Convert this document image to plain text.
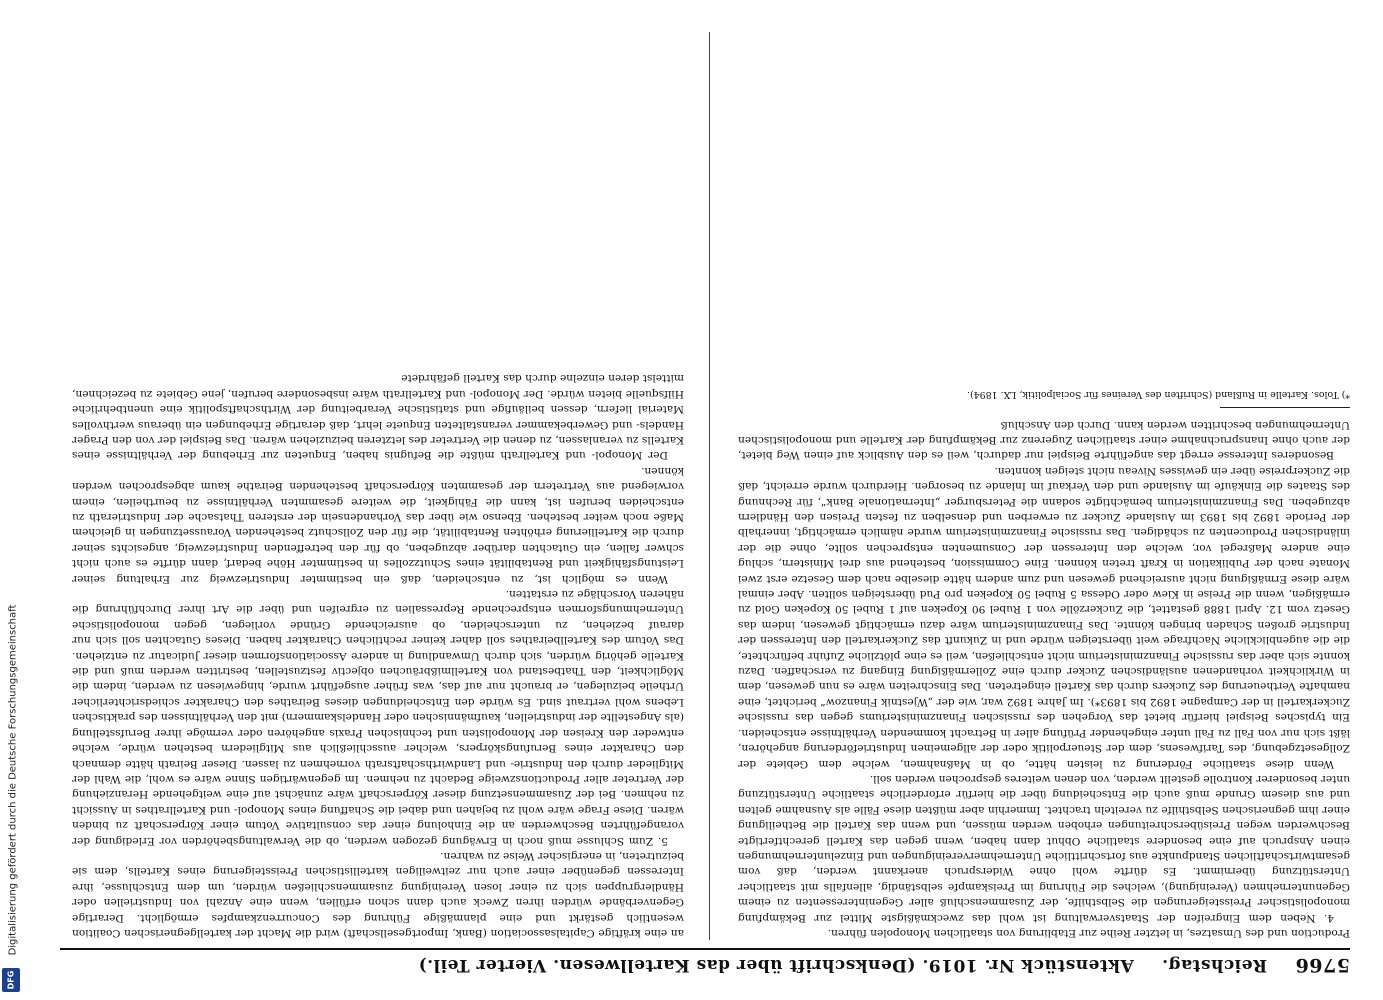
Digitalisierung gefördert durch die Deutsche Forschungsgemeinschaft
DFG
5766
Reichstag.
Aktenstück Nr. 1019. (Denkschrift über das Kartellwesen. Vierter Teil.)

Production und des Umsatzes, in letzter Reihe zur Etablirung von staatlichen Monopolen führen.

4. Neben dem Eingreifen der Staatsverwaltung ist wohl das zweckmäßigste Mittel zur Bekämpfung monopolistischer Preissteigerungen die Selbsthilfe, der Zusammenschluß aller Gegeninteressenten zu einem Gegenunternehmen (Vereinigung), welches die Führung im Preiskampfe selbständig, allenfalls mit staatlicher Unterstützung übernimmt. Es dürfte wohl ohne Widerspruch anerkannt werden, daß vom gesamtwirtschaftlichen Standpunkte aus fortschrittliche Unternehmervereinigungen und Einzelunternehmungen einen Anspruch auf eine besondere staatliche Obhut dann haben, wenn gegen das Kartell gerechtfertigte Beschwerden wegen Preisüberschreitungen erhoben werden müssen, und wenn das Kartell die Betheiligung einer ihm gegnerischen Selbsthilfe zu vereiteln trachtet. Immerhin aber müßten diese Fälle als Ausnahme gelten und aus diesem Grunde muß auch die Entscheidung über die hierfür erforderliche staatliche Unterstützung unter besonderer Kontrolle gestellt werden, von denen weiteres gesprochen werden soll.

Wenn diese staatliche Förderung zu leisten hätte, ob in Maßnahmen, welche dem Gebiete der Zollgesetzgebung, des Tarifwesens, dem der Steuerpolitik oder der allgemeinen Industrieförderung angehören, läßt sich nur von Fall zu Fall unter eingehender Prüfung aller in Betracht kommenden Verhältnisse entscheiden. Ein typisches Beispiel hierfür bietet das Vorgehen des russischen Finanzministeriums gegen das russische Zuckerkartell in der Campagne 1892 bis 1893*). Im Jahre 1892 war, wie der „Wjestnik Finanzow“ berichtet, eine namhafte Vertheuerung des Zuckers durch das Kartell eingetreten. Das Einschreiten wäre es nun gewesen, dem in Wirklichkeit vorhandenen ausländischen Zucker durch eine Zollermäßigung Eingang zu verschaffen. Dazu konnte sich aber das russische Finanzministerium nicht entschließen, weil es eine plötzliche Zufuhr befürchtete, die die augenblickliche Nachfrage weit übersteigen würde und in Zukunft das Zuckerkartell den Interessen der Industrie großen Schaden bringen könnte. Das Finanzministerium wäre dazu ermächtigt gewesen, indem das Gesetz vom 12. April 1888 gestattet, die Zuckerzölle von 1 Rubel 90 Kopeken auf 1 Rubel 50 Kopeken Gold zu ermäßigen, wenn die Preise in Kiew oder Odessa 5 Rubel 50 Kopeken pro Pud übersteigen sollten. Aber einmal wäre diese Ermäßigung nicht ausreichend gewesen und zum andern hätte dieselbe nach dem Gesetze erst zwei Monate nach der Publikation in Kraft treten können. Eine Commission, bestehend aus drei Ministern, schlug eine andere Maßregel vor, welche den Interessen der Consumenten entsprechen sollte, ohne die der inländischen Producenten zu schädigen. Das russische Finanzministerium wurde nämlich ermächtigt, innerhalb der Periode 1892 bis 1893 im Auslande Zucker zu erwerben und denselben zu festen Preisen den Händlern abzugeben. Das Finanzministerium bemächtigte sodann die Petersburger „Internationale Bank“, für Rechnung des Staates die Einkäufe im Auslande und den Verkauf im Inlande zu besorgen. Hierdurch wurde erreicht, daß die Zuckerpreise über ein gewisses Niveau nicht steigen konnten.

Besonderes Interesse erregt das angeführte Beispiel nur dadurch, weil es den Ausblick auf einen Weg bietet, der auch ohne Inanspruchnahme einer staatlichen Zugerenz zur Bekämpfung der Kartelle und monopolistischen Unternehmungen beschritten werden kann. Durch den Anschluß

*) Tolos. Kartelle in Rußland (Schriften des Vereines für Socialpolitik, LX. 1894).

an eine kräftige Capitalsassociation (Bank, Importgesellschaft) wird die Macht der kartellgegnerischen Coalition wesentlich gestärkt und eine planmäßige Führung des Concurrenzkampfes ermöglicht. Derartige Gegenverbände würden ihren Zweck auch dann schon erfüllen, wenn eine Anzahl von Industriellen oder Händlergruppen sich zu einer losen Vereinigung zusammenschließen würden, um dem Entschlusse, ihre Interessen gegenüber einer auch nur zeitweiligen kartellistischen Preissteigerung eines Kartells, dem sie beizutreten, in energischer Weise zu wahren.

5. Zum Schlusse muß noch in Erwägung gezogen werden, ob die Verwaltungsbehörden vor Erledigung der vorangeführten Beschwerden an die Einholung einer das consultative Votum einer Körperschaft zu binden wären. Diese Frage wäre wohl zu bejahen und dabei die Schaffung eines Monopol- und Kartellrathes in Aussicht zu nehmen. Bei der Zusammensetzung dieser Körperschaft wäre zunächst auf eine weitgehende Heranziehung der Vertreter aller Productionszweige Bedacht zu nehmen. Im gegenwärtigen Sinne wäre es wohl, die Wahl der Mitglieder durch den Industrie- und Landwirthschaftsrath vornehmen zu lassen. Dieser Beirath hätte demnach den Charakter eines Berufungskörpers, welcher ausschließlich aus Mitgliedern bestehen würde, welche entweder den Kreisen der Monopolisten und technischen Praxis angehören oder vermöge ihrer Berufsstellung (als Angestellte der industriellen, kaufmännischen oder Handelskammern) mit den Verhältnissen des praktischen Lebens wohl vertraut sind. Es würde den Entscheidungen dieses Beirathes den Charakter schiedsrichterlicher Urtheile beizulegen, er braucht nur auf das, was früher ausgeführt wurde, hingewiesen zu werden, indem die Möglichkeit, den Thatbestand von Kartellmißbräuchen objectiv festzustellen, bestritten werden muß und die Kartelle gehörig würden, sich durch Umwandlung in andere Associationsformen dieser Judicatur zu entziehen. Das Votum des Kartellbeirathes soll daher keiner rechtlichen Charakter haben. Dieses Gutachten soll sich nur darauf beziehen, zu unterscheiden, ob ausreichende Gründe vorliegen, gegen monopolistische Unternehmungsformen entsprechende Repressalien zu ergreifen und über die Art ihrer Durchführung die näheren Vorschläge zu erstatten.

Wenn es möglich ist, zu entscheiden, daß ein bestimmter Industriezweig zur Erhaltung seiner Leistungsfähigkeit und Rentabilität eines Schutzzolles in bestimmter Höhe bedarf, dann dürfte es auch nicht schwer fallen, ein Gutachten darüber abzugeben, ob für den betreffenden Industriezweig, angesichts seiner durch die Kartellierung erhöhten Rentabilität, die für den Zollschutz bestehenden Voraussetzungen in gleichem Maße noch weiter bestehen. Ebenso wie über das Vorhandensein der ersteren Thatsache der Industrierath zu entscheiden berufen ist, kann die Fähigkeit, die weitere gesammten Verhältnisse zu beurtheilen, einem vorwiegend aus Vertretern der gesammten Körperschaft bestehenden Beirathe kaum abgesprochen werden können.

Der Monopol- und Kartellrath müßte die Befugnis haben, Enqueten zur Erhebung der Verhältnisse eines Kartells zu veranlassen, zu denen die Vertreter des letzteren beizuziehen wären. Das Beispiel der von den Prager Handels- und Gewerbekammer veranstalteten Enquete lehrt, daß derartige Erhebungen ein überaus werthvolles Material liefern, dessen beiläufige und statistische Verarbeitung der Wirthschaftspolitik eine unentbehrliche Hilfsquelle bieten würde. Der Monopol- und Kartellrath wäre insbesondere berufen, jene Gebiete zu bezeichnen, mittelst deren einzelne durch das Kartell gefährdete
